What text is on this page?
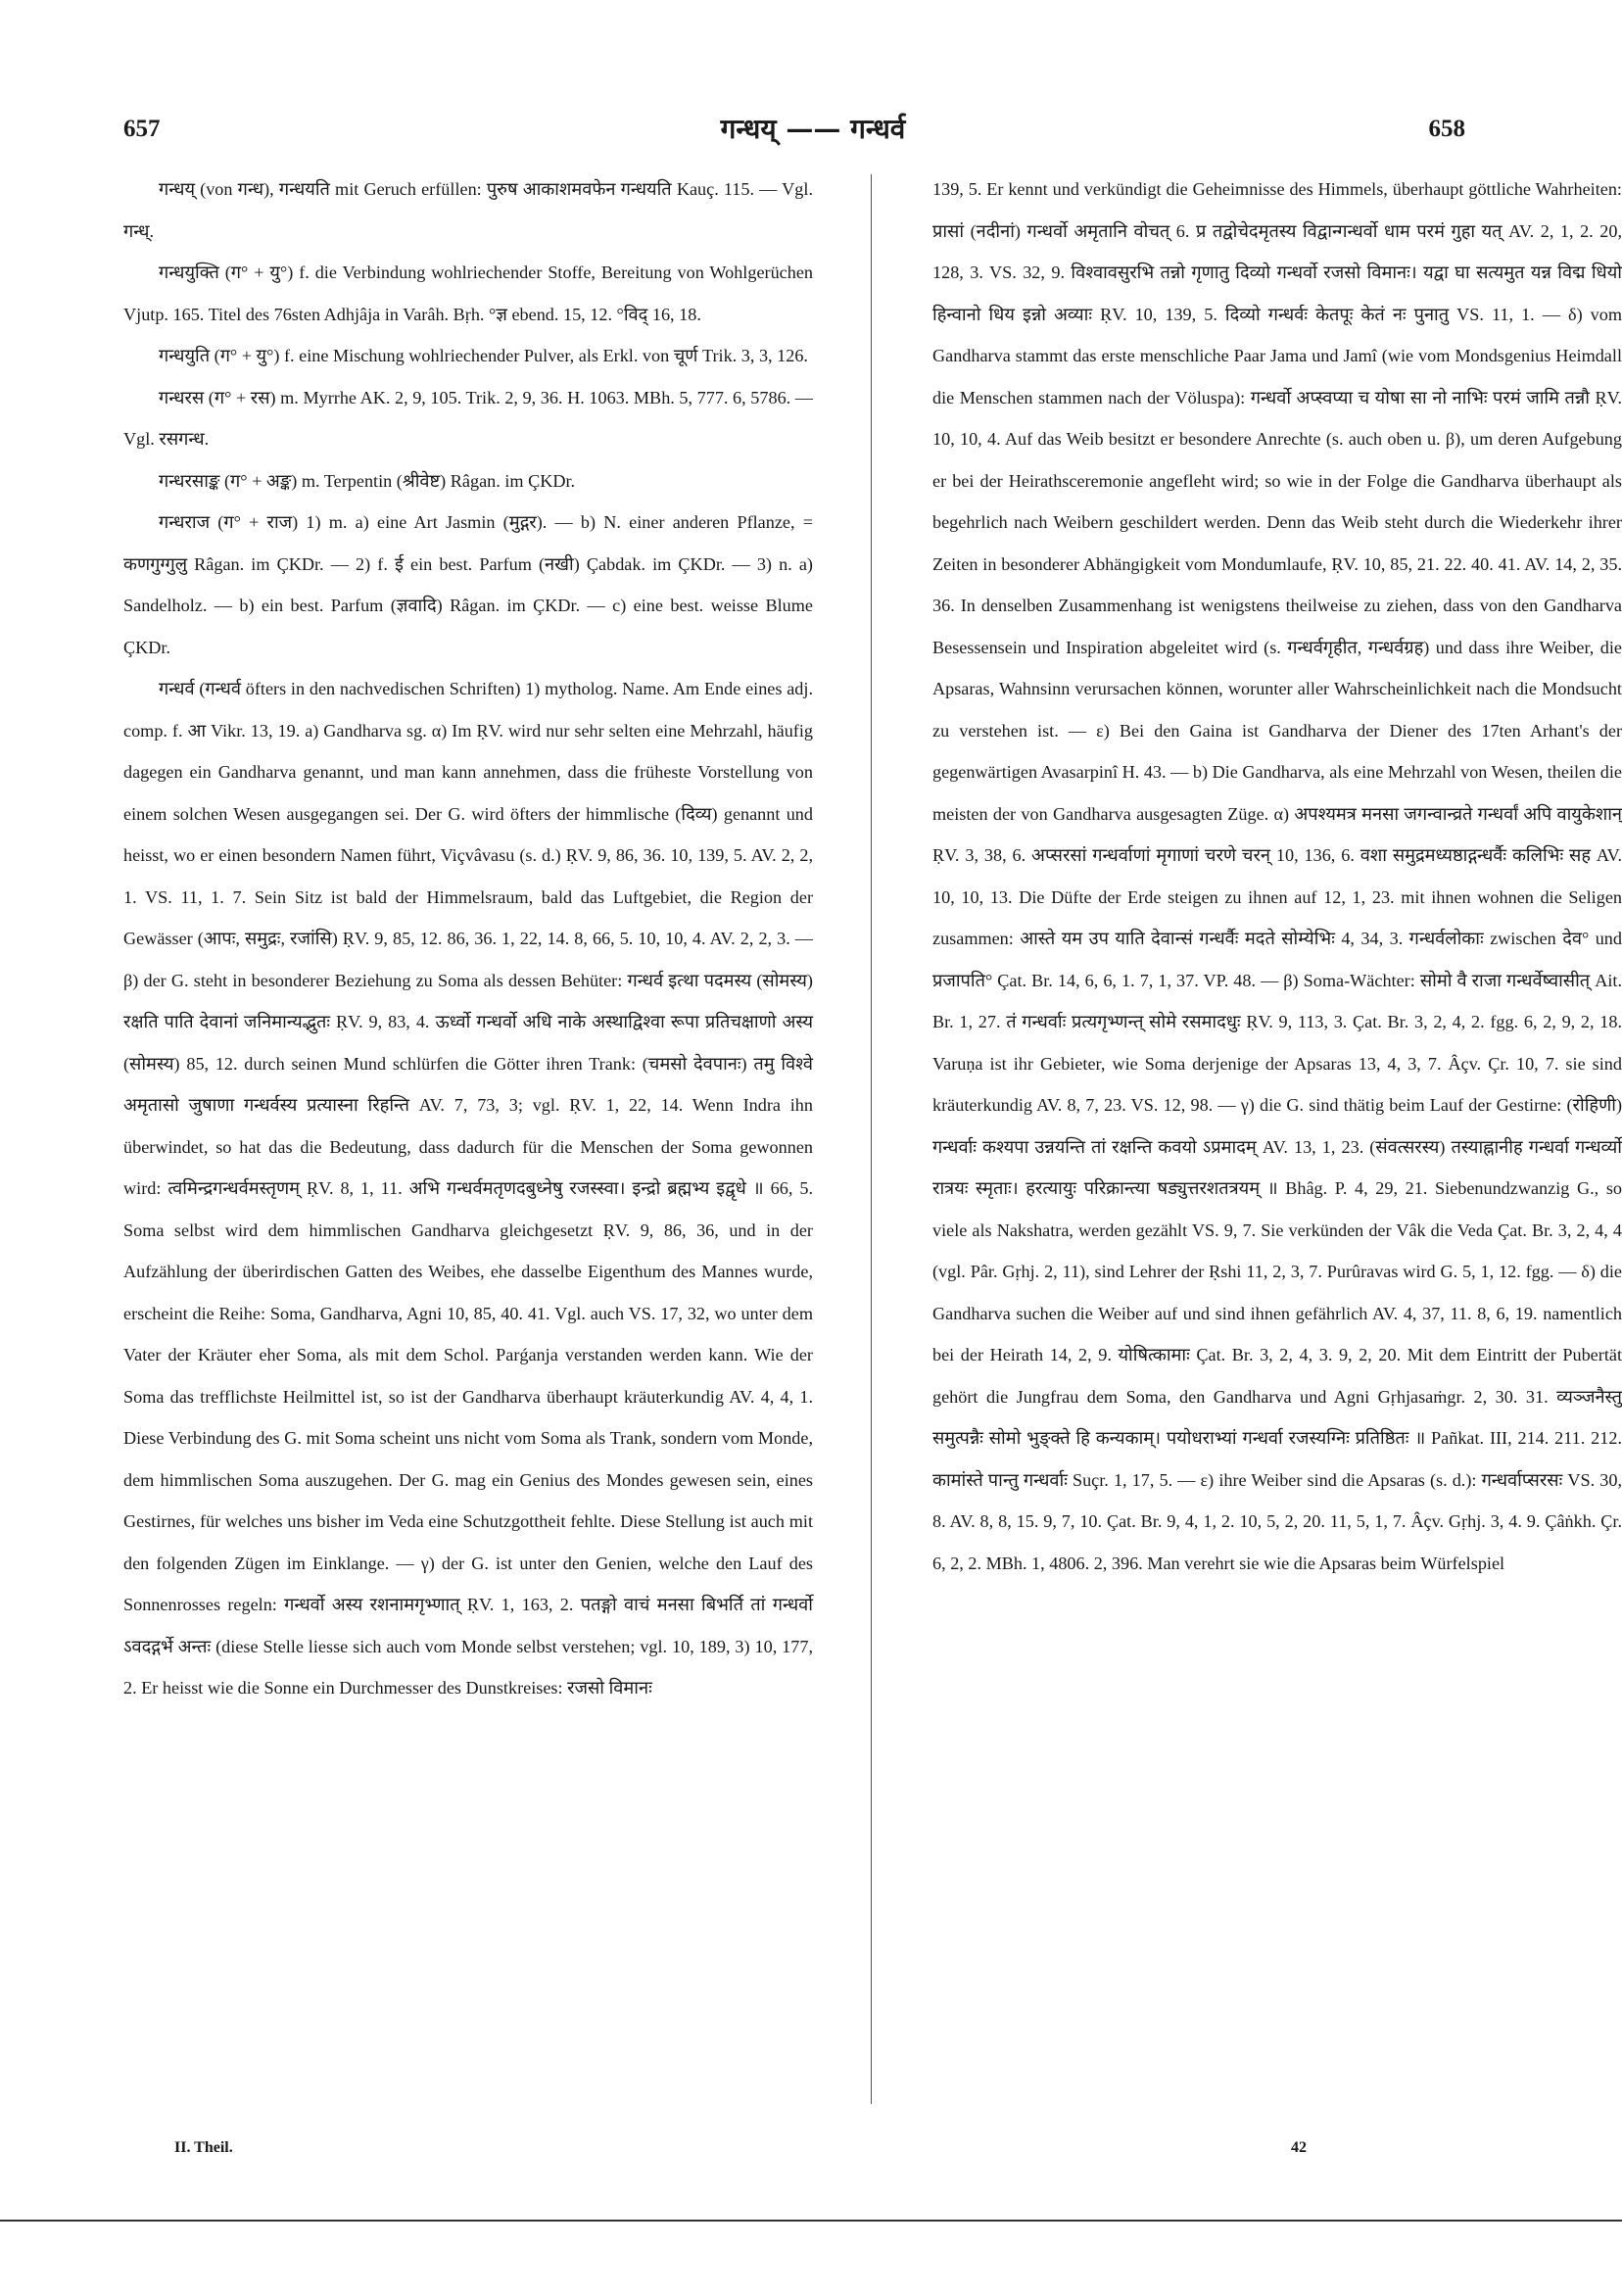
657	गन्धय् —— गन्धर्व	658

गन्धय् (von गन्ध), गन्धयति mit Geruch erfüllen: पुरुष आकाशमवफेन गन्धयति Kauç. 115. — Vgl. गन्ध्.

गन्धयुक्ति (ग° + यु°) f. die Verbindung wohlriechender Stoffe, Bereitung von Wohlgerüchen Vjutp. 165. Titel des 76sten Adhjâja in Varâh. Bṛh. °ज्ञ ebend. 15, 12. °विद् 16, 18.

गन्धयुति (ग° + यु°) f. eine Mischung wohlriechender Pulver, als Erkl. von चूर्ण Trik. 3, 3, 126.

गन्धरस (ग° + रस) m. Myrrhe AK. 2, 9, 105. Trik. 2, 9, 36. H. 1063. MBh. 5, 777. 6, 5786. — Vgl. रसगन्ध.

गन्धरसाङ्क (ग° + अङ्क) m. Terpentin (श्रीवेष्ट) Râgan. im ÇKDr.

गन्धराज (ग° + राज) 1) m. a) eine Art Jasmin (मुद्गर). — b) N. einer anderen Pflanze, = कणगुग्गुलु Râgan. im ÇKDr. — 2) f. ई ein best. Parfum (नखी) Çabdak. im ÇKDr. — 3) n. a) Sandelholz. — b) ein best. Parfum (ज्ञवादि) Râgan. im ÇKDr. — c) eine best. weisse Blume ÇKDr.

गन्धर्व (गन्धर्व öfters in den nachvedischen Schriften) 1) mytholog. Name. Am Ende eines adj. comp. f. आ Vikr. 13, 19. a) Gandharva sg. α) Im ṚV. wird nur sehr selten eine Mehrzahl, häufig dagegen ein Gandharva genannt, und man kann annehmen, dass die früheste Vorstellung von einem solchen Wesen ausgegangen sei. Der G. wird öfters der himmlische (दिव्य) genannt und heisst, wo er einen besondern Namen führt, Viçvâvasu (s. d.) ṚV. 9, 86, 36. 10, 139, 5. AV. 2, 2, 1. VS. 11, 1. 7. Sein Sitz ist bald der Himmelsraum, bald das Luftgebiet, die Region der Gewässer (आपः, समुद्रः, रजांसि) ṚV. 9, 85, 12. 86, 36. 1, 22, 14. 8, 66, 5. 10, 10, 4. AV. 2, 2, 3. — β) der G. steht in besonderer Beziehung zu Soma als dessen Behüter: गन्धर्व इत्था पदमस्य (सोमस्य) रक्षति पाति देवानां जनिमान्यद्भुतः ṚV. 9, 83, 4. ऊर्ध्वो गन्धर्वो अधि नाके अस्थाद्विश्वा रूपा प्रतिचक्षाणो अस्य (सोमस्य) 85, 12. durch seinen Mund schlürfen die Götter ihren Trank: (चमसो देवपानः) तमु विश्वे अमृतासो जुषाणा गन्धर्वस्य प्रत्यास्ना रिहन्ति AV. 7, 73, 3; vgl. ṚV. 1, 22, 14. Wenn Indra ihn überwindet, so hat das die Bedeutung, dass dadurch für die Menschen der Soma gewonnen wird: त्वमिन्द्रगन्धर्वमस्तृणम् ṚV. 8, 1, 11. अभि गन्धर्वमतृणदबुध्नेषु रजस्स्वा। इन्द्रो ब्रह्मभ्य इद्वृधे ॥ 66, 5. Soma selbst wird dem himmlischen Gandharva gleichgesetzt ṚV. 9, 86, 36, und in der Aufzählung der überirdischen Gatten des Weibes, ehe dasselbe Eigenthum des Mannes wurde, erscheint die Reihe: Soma, Gandharva, Agni 10, 85, 40. 41. Vgl. auch VS. 17, 32, wo unter dem Vater der Kräuter eher Soma, als mit dem Schol. Parǵanja verstanden werden kann. Wie der Soma das trefflichste Heilmittel ist, so ist der Gandharva überhaupt kräuterkundig AV. 4, 4, 1. Diese Verbindung des G. mit Soma scheint uns nicht vom Soma als Trank, sondern vom Monde, dem himmlischen Soma auszugehen. Der G. mag ein Genius des Mondes gewesen sein, eines Gestirnes, für welches uns bisher im Veda eine Schutzgottheit fehlte. Diese Stellung ist auch mit den folgenden Zügen im Einklange. — γ) der G. ist unter den Genien, welche den Lauf des Sonnenrosses regeln: गन्धर्वो अस्य रशनामगृभ्णात् ṚV. 1, 163, 2. पतङ्गो वाचं मनसा बिभर्ति तां गन्धर्वो ऽवदद्गर्भे अन्तः (diese Stelle liesse sich auch vom Monde selbst verstehen; vgl. 10, 189, 3) 10, 177, 2. Er heisst wie die Sonne ein Durchmesser des Dunstkreises: रजसो विमानः

139, 5. Er kennt und verkündigt die Geheimnisse des Himmels, überhaupt göttliche Wahrheiten: प्रासां (नदीनां) गन्धर्वो अमृतानि वोचत् 6. प्र तद्वोचेदमृतस्य विद्वान्गन्धर्वो धाम परमं गुहा यत् AV. 2, 1, 2. 20, 128, 3. VS. 32, 9. विश्वावसुरभि तन्नो गृणातु दिव्यो गन्धर्वो रजसो विमानः। यद्वा घा सत्यमुत यन्न विद्म धियो हिन्वानो धिय इन्नो अव्याः ṚV. 10, 139, 5. दिव्यो गन्धर्वः केतपूः केतं नः पुनातु VS. 11, 1. — δ) vom Gandharva stammt das erste menschliche Paar Jama und Jamî (wie vom Mondsgenius Heimdall die Menschen stammen nach der Völuspa): गन्धर्वो अप्स्वप्या च योषा सा नो नाभिः परमं जामि तन्नौ ṚV. 10, 10, 4. Auf das Weib besitzt er besondere Anrechte (s. auch oben u. β), um deren Aufgebung er bei der Heirathsceremonie angefleht wird; so wie in der Folge die Gandharva überhaupt als begehrlich nach Weibern geschildert werden. Denn das Weib steht durch die Wiederkehr ihrer Zeiten in besonderer Abhängigkeit vom Mondumlaufe, ṚV. 10, 85, 21. 22. 40. 41. AV. 14, 2, 35. 36. In denselben Zusammenhang ist wenigstens theilweise zu ziehen, dass von den Gandharva Besessensein und Inspiration abgeleitet wird (s. गन्धर्वगृहीत, गन्धर्वग्रह) und dass ihre Weiber, die Apsaras, Wahnsinn verursachen können, worunter aller Wahrscheinlichkeit nach die Mondsucht zu verstehen ist. — ε) Bei den Gaina ist Gandharva der Diener des 17ten Arhant's der gegenwärtigen Avasarpinî H. 43. — b) Die Gandharva, als eine Mehrzahl von Wesen, theilen die meisten der von Gandharva ausgesagten Züge. α) अपश्यमत्र मनसा जगन्वान्व्रते गन्धर्वां अपि वायुकेशान् ṚV. 3, 38, 6. अप्सरसां गन्धर्वाणां मृगाणां चरणे चरन् 10, 136, 6. वशा समुद्रमध्यष्ठाद्गन्धर्वैः कलिभिः सह AV. 10, 10, 13. Die Düfte der Erde steigen zu ihnen auf 12, 1, 23. mit ihnen wohnen die Seligen zusammen: आस्ते यम उप याति देवान्सं गन्धर्वैः मदते सोम्येभिः 4, 34, 3. गन्धर्वलोकाः zwischen देव° und प्रजापति° Çat. Br. 14, 6, 6, 1. 7, 1, 37. VP. 48. — β) Soma-Wächter: सोमो वै राजा गन्धर्वेष्वासीत् Ait. Br. 1, 27. तं गन्धर्वाः प्रत्यगृभ्णन्त् सोमे रसमादधुः ṚV. 9, 113, 3. Çat. Br. 3, 2, 4, 2. fgg. 6, 2, 9, 2, 18. Varuṇa ist ihr Gebieter, wie Soma derjenige der Apsaras 13, 4, 3, 7. Âçv. Çr. 10, 7. sie sind kräuterkundig AV. 8, 7, 23. VS. 12, 98. — γ) die G. sind thätig beim Lauf der Gestirne: (रोहिणी) गन्धर्वाः कश्यपा उन्नयन्ति तां रक्षन्ति कवयो ऽप्रमादम् AV. 13, 1, 23. (संवत्सरस्य) तस्याह्नानीह गन्धर्वा गन्धर्व्यो रात्रयः स्मृताः। हरत्यायुः परिक्रान्त्या षड्युत्तरशतत्रयम् ॥ Bhâg. P. 4, 29, 21. Siebenundzwanzig G., so viele als Nakshatra, werden gezählt VS. 9, 7. Sie verkünden der Vâk die Veda Çat. Br. 3, 2, 4, 4 (vgl. Pâr. Gṛhj. 2, 11), sind Lehrer der Ṛshi 11, 2, 3, 7. Purûravas wird G. 5, 1, 12. fgg. — δ) die Gandharva suchen die Weiber auf und sind ihnen gefährlich AV. 4, 37, 11. 8, 6, 19. namentlich bei der Heirath 14, 2, 9. योषित्कामाः Çat. Br. 3, 2, 4, 3. 9, 2, 20. Mit dem Eintritt der Pubertät gehört die Jungfrau dem Soma, den Gandharva und Agni Gṛhjasaṁgr. 2, 30. 31. व्यञ्जनैस्तु समुत्पन्नैः सोमो भुङ्क्ते हि कन्यकाम्। पयोधराभ्यां गन्धर्वा रजस्यग्निः प्रतिष्ठितः ॥ Pañkat. III, 214. 211. 212. कामांस्ते पान्तु गन्धर्वाः Suçr. 1, 17, 5. — ε) ihre Weiber sind die Apsaras (s. d.): गन्धर्वाप्सरसः VS. 30, 8. AV. 8, 8, 15. 9, 7, 10. Çat. Br. 9, 4, 1, 2. 10, 5, 2, 20. 11, 5, 1, 7. Âçv. Gṛhj. 3, 4. 9. Çâṅkh. Çr. 6, 2, 2. MBh. 1, 4806. 2, 396. Man verehrt sie wie die Apsaras beim Würfelspiel

II. Theil.	42
